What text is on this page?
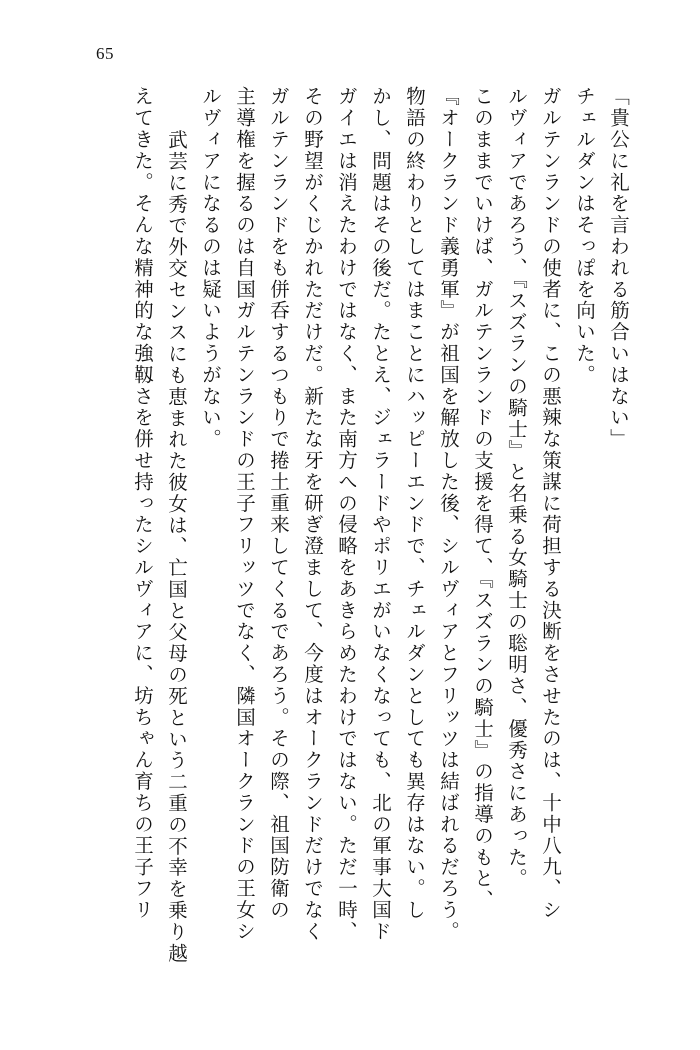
65
「貴公に礼を言われる筋合いはない」
チェルダンはそっぽを向いた。
ガルテンランドの使者に、この悪辣な策謀に荷担する決断をさせたのは、十中八九、シ
ルヴィアであろう、『スズランの騎士』と名乗る女騎士の聡明さ、優秀さにあった。
このままでいけば、ガルテンランドの支援を得て、『スズランの騎士』の指導のもと、
『オークランド義勇軍』が祖国を解放した後、シルヴィアとフリッツは結ばれるだろう。
物語の終わりとしてはまことにハッピーエンドで、チェルダンとしても異存はない。し
かし、問題はその後だ。たとえ、ジェラードやポリエがいなくなっても、北の軍事大国ド
ガイエは消えたわけではなく、また南方への侵略をあきらめたわけではない。ただ一時、
その野望がくじかれただけだ。新たな牙を研ぎ澄まして、今度はオークランドだけでなく
ガルテンランドをも併呑するつもりで捲土重来してくるであろう。その際、祖国防衛の
主導権を握るのは自国ガルテンランドの王子フリッツでなく、隣国オークランドの王女シ
ルヴィアになるのは疑いようがない。
　武芸に秀で外交センスにも恵まれた彼女は、亡国と父母の死という二重の不幸を乗り越
えてきた。そんな精神的な強靱さを併せ持ったシルヴィアに、坊ちゃん育ちの王子フリ
